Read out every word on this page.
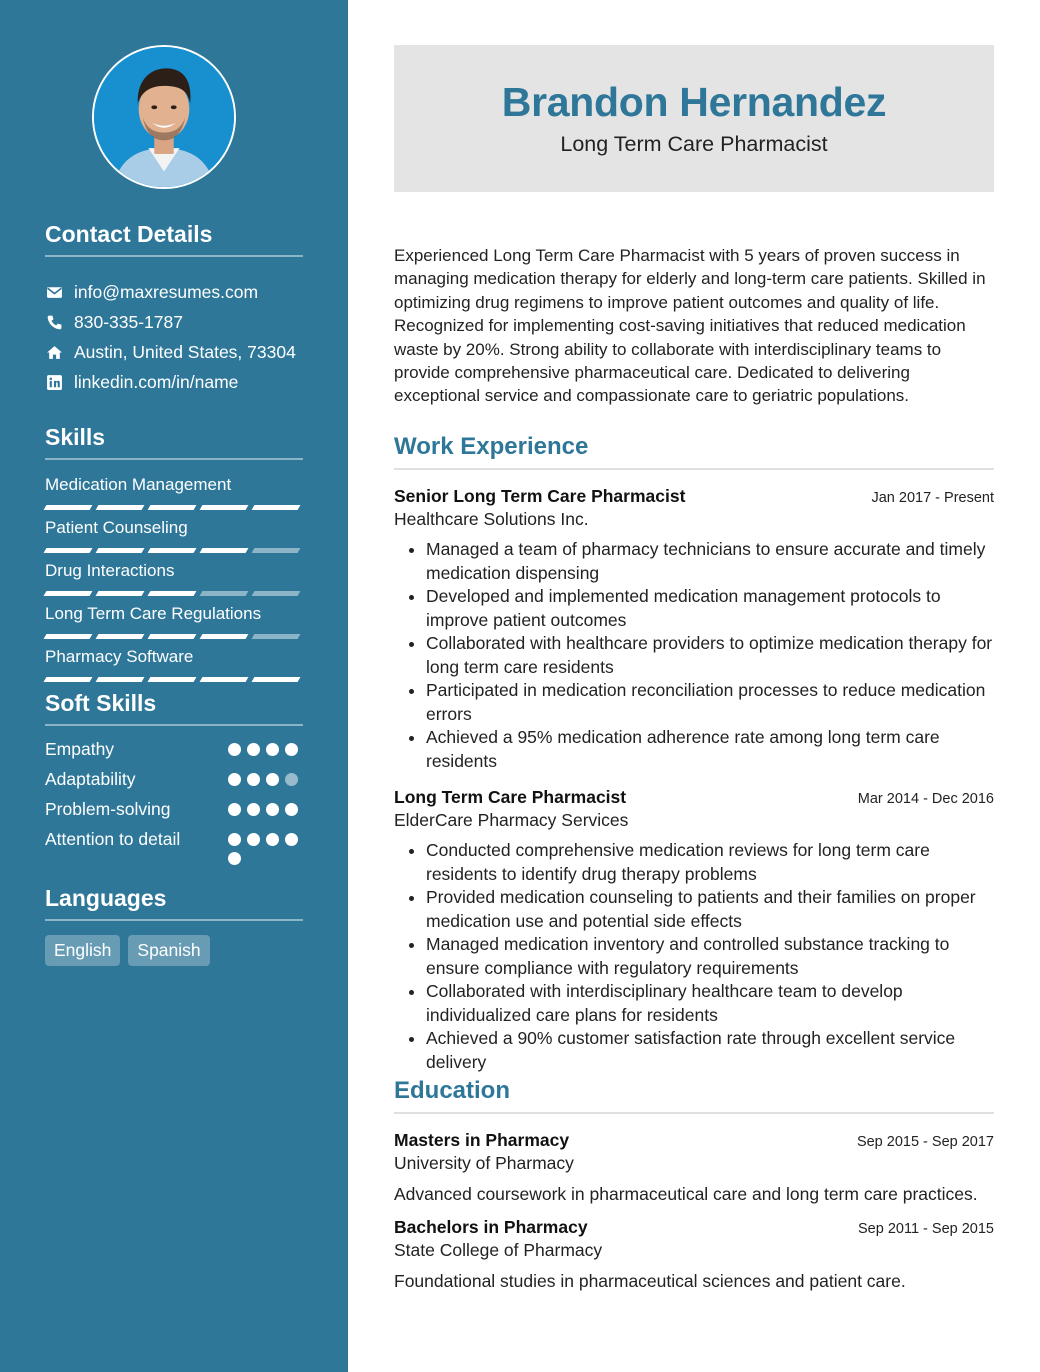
Contact Details
info@maxresumes.com
830-335-1787
Austin, United States, 73304
linkedin.com/in/name
Skills
Medication Management
Patient Counseling
Drug Interactions
Long Term Care Regulations
Pharmacy Software
Soft Skills
Empathy
Adaptability
Problem-solving
Attention to detail
Languages
English	Spanish
Brandon Hernandez
Long Term Care Pharmacist

Experienced Long Term Care Pharmacist with 5 years of proven success in managing medication therapy for elderly and long-term care patients. Skilled in optimizing drug regimens to improve patient outcomes and quality of life. Recognized for implementing cost-saving initiatives that reduced medication waste by 20%. Strong ability to collaborate with interdisciplinary teams to provide comprehensive pharmaceutical care. Dedicated to delivering exceptional service and compassionate care to geriatric populations.

Work Experience
Senior Long Term Care Pharmacist	Jan 2017 - Present
Healthcare Solutions Inc.
• Managed a team of pharmacy technicians to ensure accurate and timely medication dispensing
• Developed and implemented medication management protocols to improve patient outcomes
• Collaborated with healthcare providers to optimize medication therapy for long term care residents
• Participated in medication reconciliation processes to reduce medication errors
• Achieved a 95% medication adherence rate among long term care residents
Long Term Care Pharmacist	Mar 2014 - Dec 2016
ElderCare Pharmacy Services
• Conducted comprehensive medication reviews for long term care residents to identify drug therapy problems
• Provided medication counseling to patients and their families on proper medication use and potential side effects
• Managed medication inventory and controlled substance tracking to ensure compliance with regulatory requirements
• Collaborated with interdisciplinary healthcare team to develop individualized care plans for residents
• Achieved a 90% customer satisfaction rate through excellent service delivery
Education
Masters in Pharmacy	Sep 2015 - Sep 2017
University of Pharmacy

Advanced coursework in pharmaceutical care and long term care practices.

Bachelors in Pharmacy	Sep 2011 - Sep 2015
State College of Pharmacy

Foundational studies in pharmaceutical sciences and patient care.
